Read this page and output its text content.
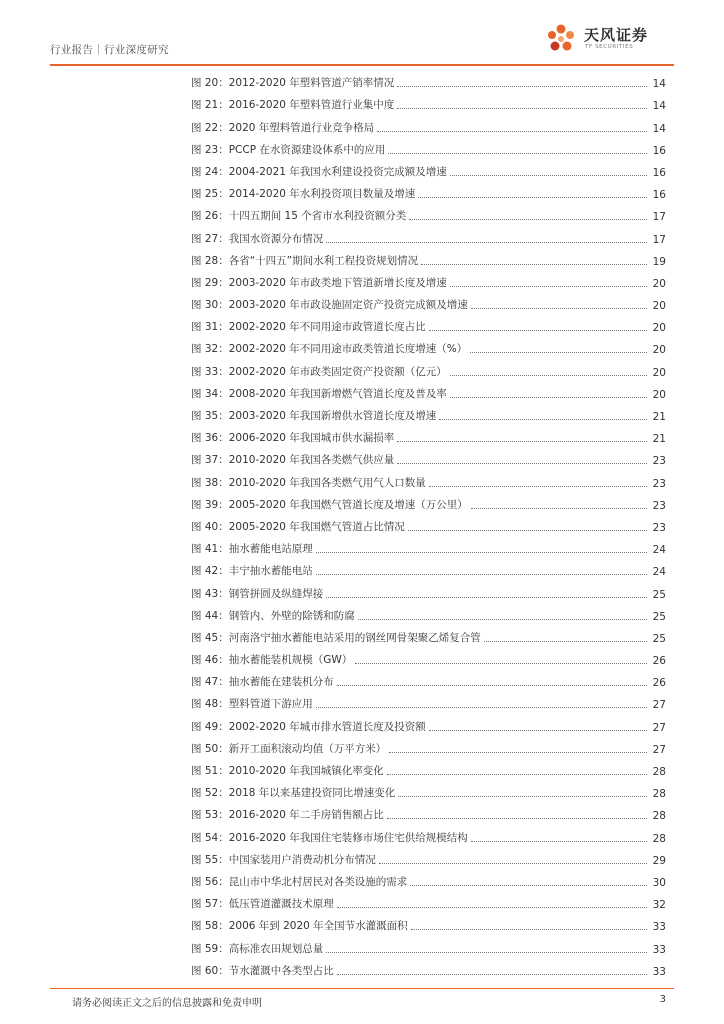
行业报告｜行业深度研究
天风证券
TF SECURITIES
图 20： 2012-2020 年塑料管道产销率情况	14
图 21： 2016-2020 年塑料管道行业集中度	14
图 22： 2020 年塑料管道行业竞争格局	14
图 23： PCCP 在水资源建设体系中的应用	16
图 24： 2004-2021 年我国水利建设投资完成额及增速	16
图 25： 2014-2020 年水利投资项目数量及增速	16
图 26： 十四五期间 15 个省市水利投资额分类	17
图 27： 我国水资源分布情况	17
图 28： 各省“十四五”期间水利工程投资规划情况	19
图 29： 2003-2020 年市政类地下管道新增长度及增速	20
图 30： 2003-2020 年市政设施固定资产投资完成额及增速	20
图 31： 2002-2020 年不同用途市政管道长度占比	20
图 32： 2002-2020 年不同用途市政类管道长度增速（%）	20
图 33： 2002-2020 年市政类固定资产投资额（亿元）	20
图 34： 2008-2020 年我国新增燃气管道长度及普及率	20
图 35： 2003-2020 年我国新增供水管道长度及增速	21
图 36： 2006-2020 年我国城市供水漏损率	21
图 37： 2010-2020 年我国各类燃气供应量	23
图 38： 2010-2020 年我国各类燃气用气人口数量	23
图 39： 2005-2020 年我国燃气管道长度及增速（万公里）	23
图 40： 2005-2020 年我国燃气管道占比情况	23
图 41： 抽水蓄能电站原理	24
图 42： 丰宁抽水蓄能电站	24
图 43： 钢管拼圆及纵缝焊接	25
图 44： 钢管内、外壁的除锈和防腐	25
图 45： 河南洛宁抽水蓄能电站采用的钢丝网骨架聚乙烯复合管	25
图 46： 抽水蓄能装机规模（GW）	26
图 47： 抽水蓄能在建装机分布	26
图 48： 塑料管道下游应用	27
图 49： 2002-2020 年城市排水管道长度及投资额	27
图 50： 新开工面积滚动均值（万平方米）	27
图 51： 2010-2020 年我国城镇化率变化	28
图 52： 2018 年以来基建投资同比增速变化	28
图 53： 2016-2020 年二手房销售额占比	28
图 54： 2016-2020 年我国住宅装修市场住宅供给规模结构	28
图 55： 中国家装用户消费动机分布情况	29
图 56： 昆山市中华北村居民对各类设施的需求	30
图 57： 低压管道灌溉技术原理	32
图 58： 2006 年到 2020 年全国节水灌溉面积	33
图 59： 高标准农田规划总量	33
图 60： 节水灌溉中各类型占比	33
请务必阅读正文之后的信息披露和免责申明	3
